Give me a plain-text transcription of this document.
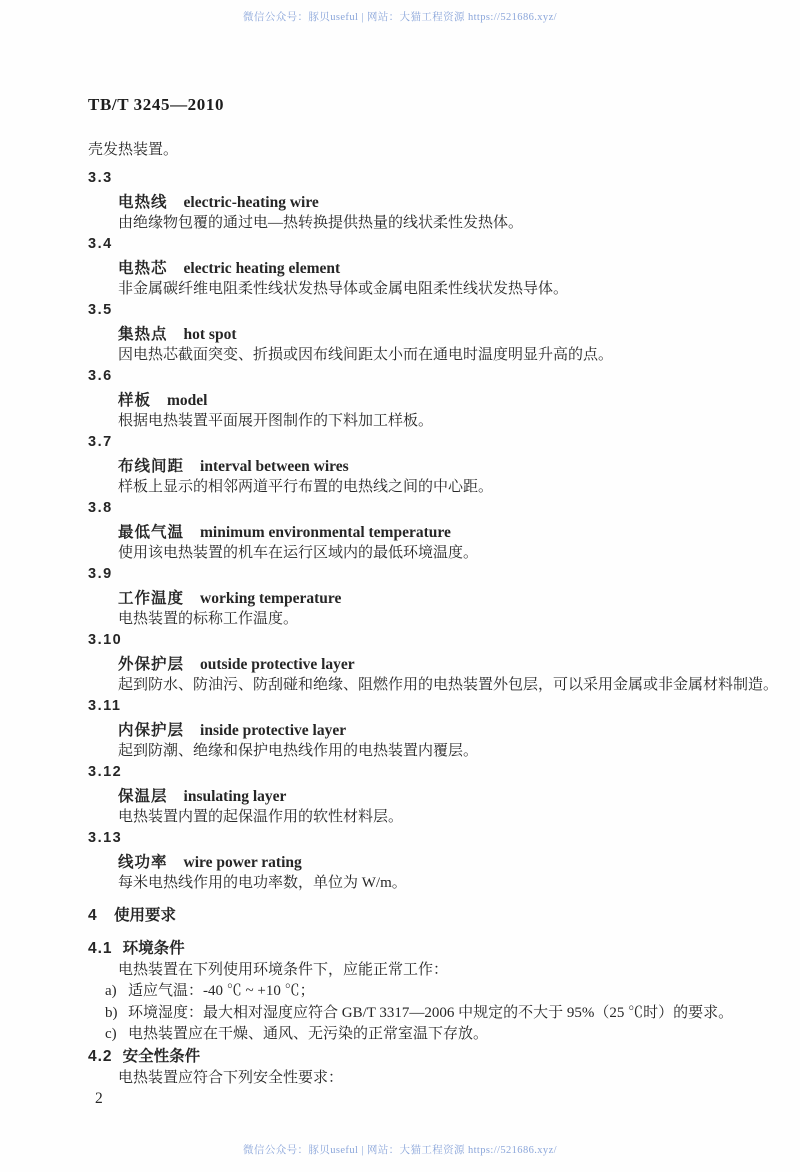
微信公众号：豚贝useful | 网站：大猫工程资源 https://521686.xyz/
TB/T 3245—2010
壳发热装置。
3.3
电热线 electric-heating wire
由绝缘物包覆的通过电—热转换提供热量的线状柔性发热体。
3.4
电热芯 electric heating element
非金属碳纤维电阻柔性线状发热导体或金属电阻柔性线状发热导体。
3.5
集热点 hot spot
因电热芯截面突变、折损或因布线间距太小而在通电时温度明显升高的点。
3.6
样板 model
根据电热装置平面展开图制作的下料加工样板。
3.7
布线间距 interval between wires
样板上显示的相邻两道平行布置的电热线之间的中心距。
3.8
最低气温 minimum environmental temperature
使用该电热装置的机车在运行区域内的最低环境温度。
3.9
工作温度 working temperature
电热装置的标称工作温度。
3.10
外保护层 outside protective layer
起到防水、防油污、防刮碰和绝缘、阻燃作用的电热装置外包层，可以采用金属或非金属材料制造。
3.11
内保护层 inside protective layer
起到防潮、绝缘和保护电热线作用的电热装置内覆层。
3.12
保温层 insulating layer
电热装置内置的起保温作用的软性材料层。
3.13
线功率 wire power rating
每米电热线作用的电功率数，单位为 W/m。
4 使用要求
4.1 环境条件
电热装置在下列使用环境条件下，应能正常工作：
a) 适应气温：-40 ℃ ~ +10 ℃；
b) 环境湿度：最大相对湿度应符合 GB/T 3317—2006 中规定的不大于 95%（25 ℃时）的要求。
c) 电热装置应在干燥、通风、无污染的正常室温下存放。
4.2 安全性条件
电热装置应符合下列安全性要求：
2
微信公众号：豚贝useful | 网站：大猫工程资源 https://521686.xyz/
